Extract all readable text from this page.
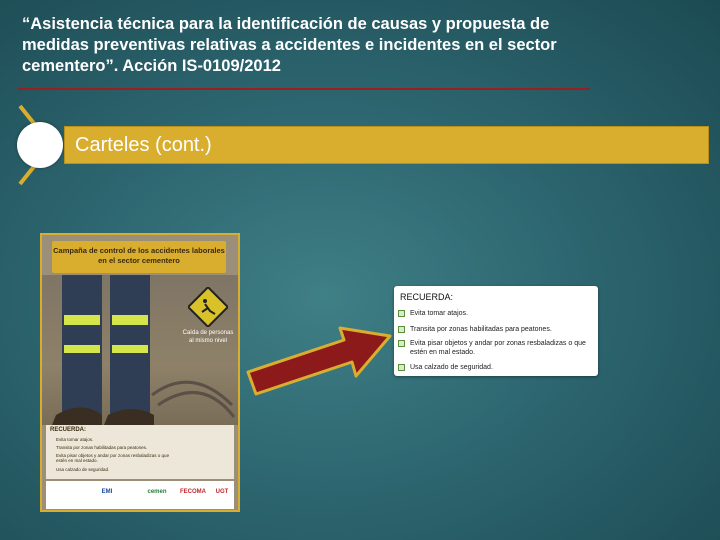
“Asistencia técnica para la identificación de causas y propuesta de medidas preventivas relativas a accidentes e incidentes en el sector cementero”. Acción IS-0109/2012
Carteles (cont.)
Campaña de control de los accidentes laborales en el sector cementero
Caída de personas al mismo nivel
RECUERDA:
Evita tomar atajos.
Transita por zonas habilitadas para peatones.
Evita pisar objetos y andar por zonas resbaladizas o que estén en mal estado.
Usa calzado de seguridad.
EMI	cemen	FECOMA	UGT
RECUERDA:
Evita tomar atajos.
Transita por zonas habilitadas para peatones.
Evita pisar objetos y andar por zonas resbaladizas o que estén en mal estado.
Usa calzado de seguridad.
